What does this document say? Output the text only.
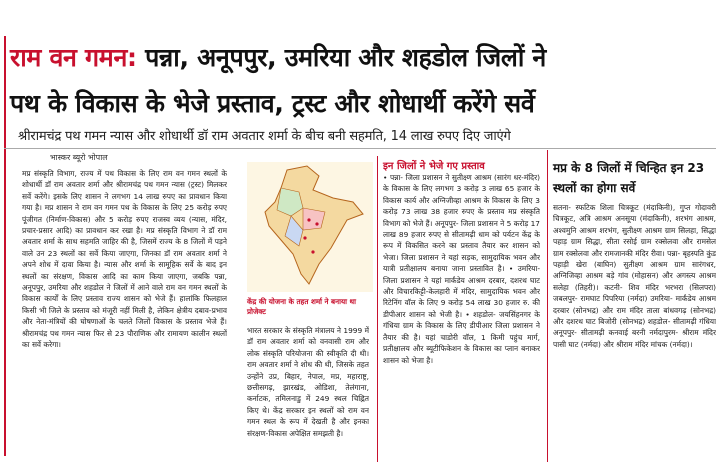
राम वन गमन: पन्ना, अनूपपुर, उमरिया और शहडोल जिलों ने
पथ के विकास के भेजे प्रस्ताव, ट्रस्ट और शोधार्थी करेंगे सर्वे
श्रीरामचंद्र पथ गमन न्यास और शोधार्थी डॉ राम अवतार शर्मा के बीच बनी सहमति, 14 लाख रुपए दिए जाएंगे
भास्कर ब्यूरो भोपाल
मप्र संस्कृति विभाग, राज्य में पथ विकास के लिए राम वन गमन स्थलों के शोधार्थी डॉ राम अवतार शर्मा और श्रीरामचंद्र पथ गमन न्यास (ट्रस्ट) मिलकर सर्वे करेंगे। इसके लिए शासन ने लगभग 14 लाख रुपए का प्रावधान किया गया है। मप्र शासन ने राम वन गमन पथ के विकास के लिए 25 करोड़ रुपए पूंजीगत (निर्माण-विकास) और 5 करोड़ रुपए राजस्व व्यय (न्यास, मंदिर, प्रचार-प्रसार आदि) का प्रावधान कर रखा है। मप्र संस्कृति विभाग ने डॉ राम अवतार शर्मा के साथ सहमति जाहिर की है, जिसमें राज्य के 8 जिलों में पड़ने वाले उन 23 स्थलों का सर्वे किया जाएगा, जिनका डॉ राम अवतार शर्मा ने अपने शोध में दावा किया है। न्यास और शर्मा के सामूहिक सर्वे के बाद इन स्थलों का संरक्षण, विकास आदि का काम किया जाएगा, जबकि पन्ना, अनूपपुर, उमरिया और शहडोल ने जिलों में आने वाले राम वन गमन स्थलों के विकास कार्यों के लिए प्रस्ताव राज्य शासन को भेजे हैं। हालांकि फिलहाल किसी भी जिले के प्रस्ताव को मंजूरी नहीं मिली है, लेकिन क्षेत्रीय दबाव-प्रभाव और नेता-मंत्रियों की घोषणाओं के चलते जिलों विकास के प्रस्ताव भेजे हैं। श्रीरामचंद्र पथ गमन न्यास फिर से 23 पौराणिक और रामायण कालीन स्थलों का सर्वे करेगा।
केंद्र की योजना के तहत शर्मा ने बनाया था प्रोजेक्ट
भारत सरकार के संस्कृति मंत्रालय ने 1999 में डॉ राम अवतार शर्मा को वनवासी राम और लोक संस्कृति परियोजना की स्वीकृति दी थी। राम अवतार शर्मा ने शोध की थी, जिसके तहत उन्होंने उप्र, बिहार, नेपाल, मप्र, महाराष्ट्र, छत्तीसगढ़, झारखंड, ओडिशा, तेलंगाना, कर्नाटक, तमिलनाडु में 249 स्थल चिह्नित किए थे। केंद्र सरकार इन स्थलों को राम वन गमन स्थल के रूप में देखती है और इनका संरक्षण-विकास अपेक्षित समझती है।
इन जिलों ने भेजे गए प्रस्ताव
• पन्ना- जिला प्रशासन ने सुतीक्ष्ण आश्रम (सारंग धर-मंदिर) के विकास के लिए लगभग 3 करोड़ 3 लाख 65 हजार के विकास कार्य और अग्निजीव्हा आश्रम के विकास के लिए 3 करोड़ 73 लाख 38 हजार रुपए के प्रस्ताव मप्र संस्कृति विभाग को भेजे हैं। अनूपपुर- जिला प्रशासन ने 5 करोड़ 17 लाख 89 हजार रुपए से सीतामढ़ी धाम को पर्यटन केंद्र के रूप में विकसित करने का प्रस्ताव तैयार कर शासन को भेजा। जिला प्रशासन ने यहां सड़क, सामुदायिक भवन और यात्री प्रतीक्षालय बनाया जाना प्रस्तावित है। • उमरिया- जिला प्रशासन ने यहां मार्कंडेय आश्रम दरबार, दशरथ घाट और विचारकिट्टी-केलहारी में मंदिर, सामुदायिक भवन और रिटेनिंग वॉल के लिए 9 करोड़ 54 लाख 30 हजार रु. की डीपीआर शासन को भेजी है। • शहडोल- जयसिंहनगर के गंधिया ग्राम के विकास के लिए डीपीआर जिला प्रशासन ने तैयार की है। यहां चाडोरी वॉल, 1 किमी पहुंच मार्ग, प्रतीक्षालय और ब्यूटीफिकेशन के विकास का प्लान बनाकर शासन को भेजा है।
मप्र के 8 जिलों में चिन्हित इन 23 स्थलों का होगा सर्वे
सतना- स्फटिक शिला चित्रकूट (मंदाकिनी), गुप्त गोदावरी चित्रकूट, अत्रि आश्रम अनसूया (मंदाकिनी), शरभंग आश्रम, अश्वमुनि आश्रम शरभंग, सुतीक्ष्ण आश्रम ग्राम सिलहा, सिद्धा पहाड़ ग्राम सिद्धा, सीता रसोई ग्राम रक्सेलवा और रामसेल ग्राम रक्सेलवा और रामजानकी मंदिर रीवा। पन्ना- बृहस्पति कुंड पहाड़ी खेरा (बाघिन) सुतीक्ष्ण आश्रम ग्राम सारंगधर, अग्निजिव्हा आश्रम बड़े गांव (मोहासन) और अगस्त्य आश्रम सलेहा (तिहरी)। कटनी- शिव मंदिर भरभरा (सिलपरा) जबलपुर- रामघाट पिपरिया (नर्मदा) उमरिया- मार्कंडेय आश्रम दरबार (सोनभद्र) और राम मंदिर ताला बांधवगढ़ (सोनभद्र) और दशरथ घाट बिजोरी (सोनभद्र) शहडोल- सीतामढ़ी गंधिया अनूपपुर- सीतामढ़ी कनवाई बरनी नर्मदापुरम- श्रीराम मंदिर पासी घाट (नर्मदा) और श्रीराम मंदिर मांचक (नर्मदा)।
